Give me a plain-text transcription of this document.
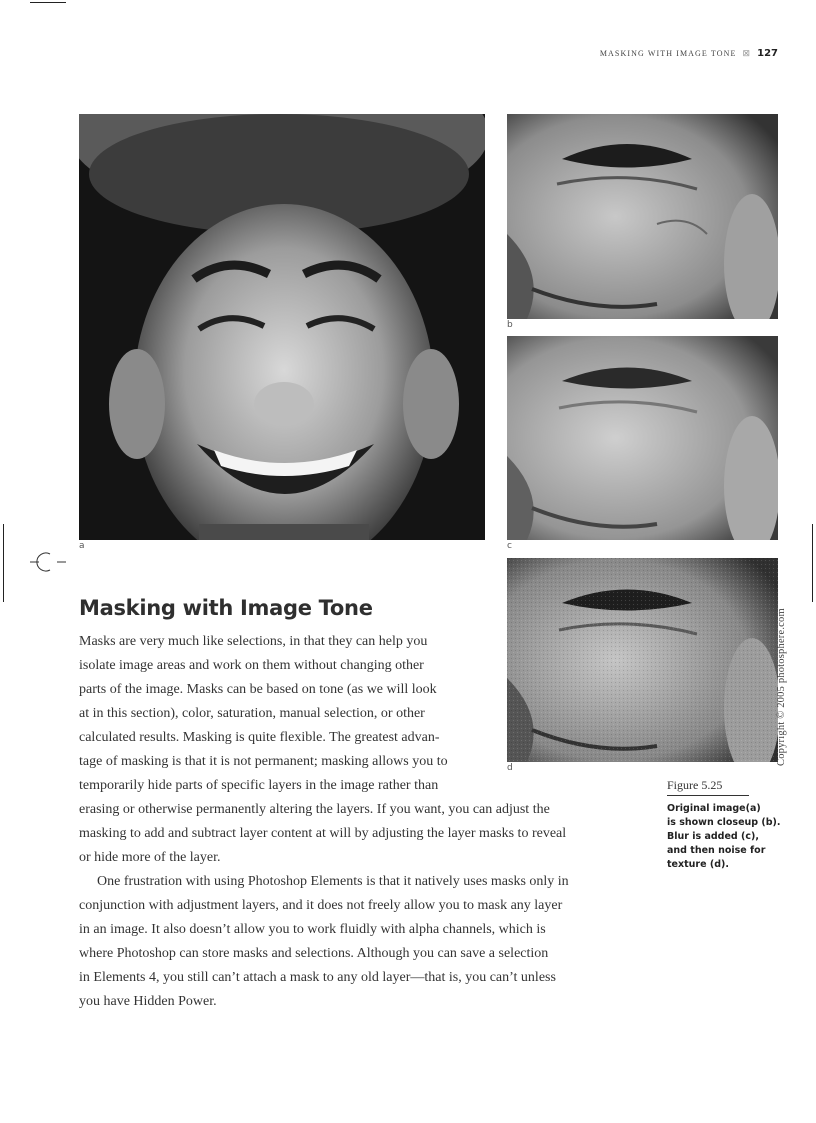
MASKING WITH IMAGE TONE ⊠ 127
a
b
c
d
Copyright © 2005 photosphere.com
Figure 5.25
Original image(a)
is shown closeup (b).
Blur is added (c),
and then noise for
texture (d).
Masking with Image Tone

Masks are very much like selections, in that they can help you
isolate image areas and work on them without changing other
parts of the image. Masks can be based on tone (as we will look
at in this section), color, saturation, manual selection, or other
calculated results. Masking is quite flexible. The greatest advan-
tage of masking is that it is not permanent; masking allows you to
temporarily hide parts of specific layers in the image rather than
erasing or otherwise permanently altering the layers. If you want, you can adjust the
masking to add and subtract layer content at will by adjusting the layer masks to reveal
or hide more of the layer.

One frustration with using Photoshop Elements is that it natively uses masks only in
conjunction with adjustment layers, and it does not freely allow you to mask any layer
in an image. It also doesn’t allow you to work fluidly with alpha channels, which is
where Photoshop can store masks and selections. Although you can save a selection
in Elements 4, you still can’t attach a mask to any old layer—that is, you can’t unless
you have Hidden Power.
